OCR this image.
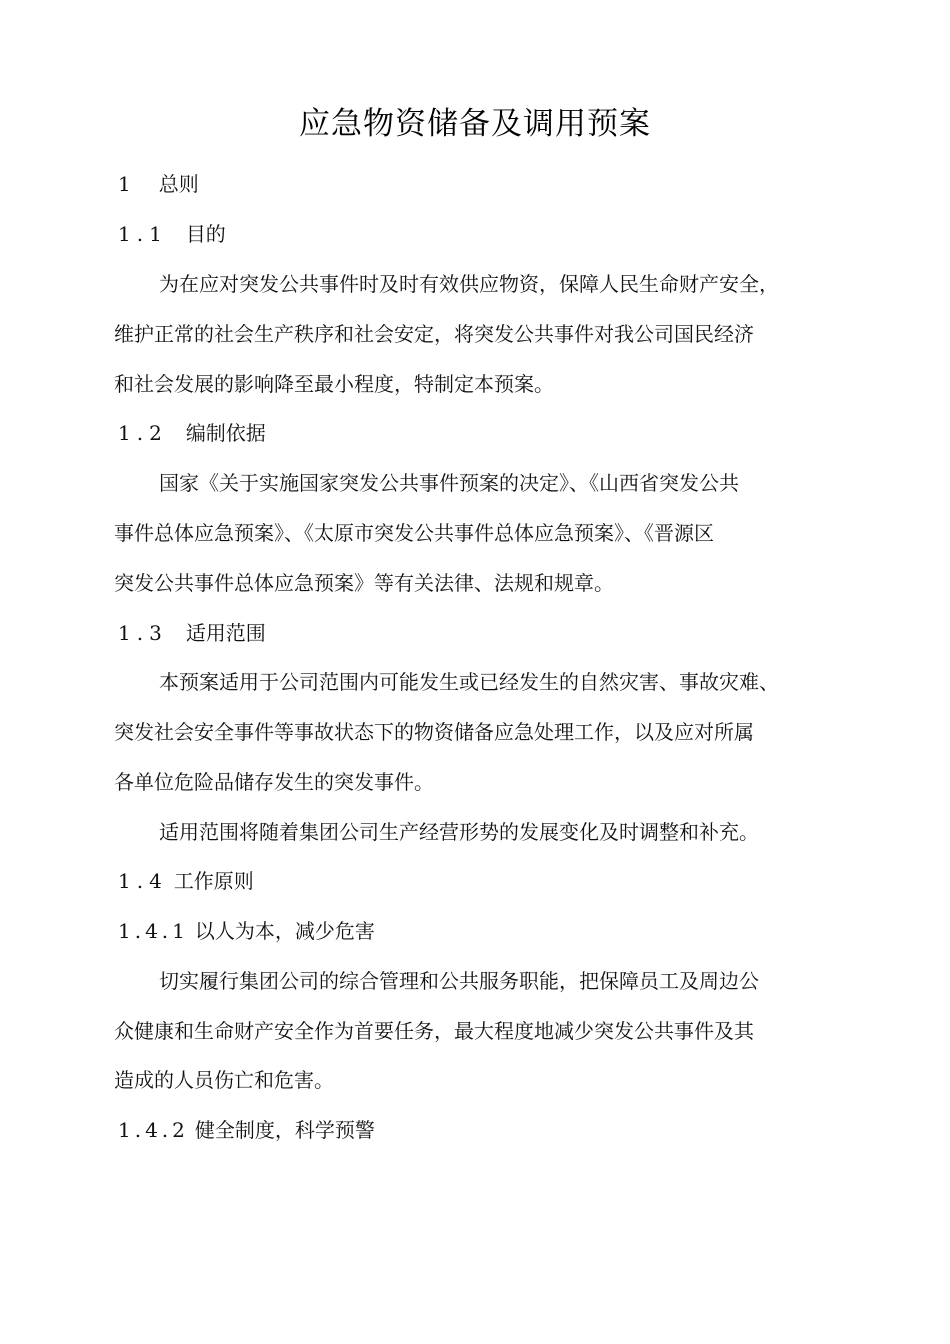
应急物资储备及调用预案
1 总则
1.1 目的
为在应对突发公共事件时及时有效供应物资，保障人民生命财产安全，
维护正常的社会生产秩序和社会安定，将突发公共事件对我公司国民经济
和社会发展的影响降至最小程度，特制定本预案。
1.2 编制依据
国家《关于实施国家突发公共事件预案的决定》、《山西省突发公共
事件总体应急预案》、《太原市突发公共事件总体应急预案》、《晋源区
突发公共事件总体应急预案》等有关法律、法规和规章。
1.3 适用范围
本预案适用于公司范围内可能发生或已经发生的自然灾害、事故灾难、
突发社会安全事件等事故状态下的物资储备应急处理工作，以及应对所属
各单位危险品储存发生的突发事件。
适用范围将随着集团公司生产经营形势的发展变化及时调整和补充。
1.4 工作原则
1.4.1 以人为本，减少危害
切实履行集团公司的综合管理和公共服务职能，把保障员工及周边公
众健康和生命财产安全作为首要任务，最大程度地减少突发公共事件及其
造成的人员伤亡和危害。
1.4.2 健全制度，科学预警
